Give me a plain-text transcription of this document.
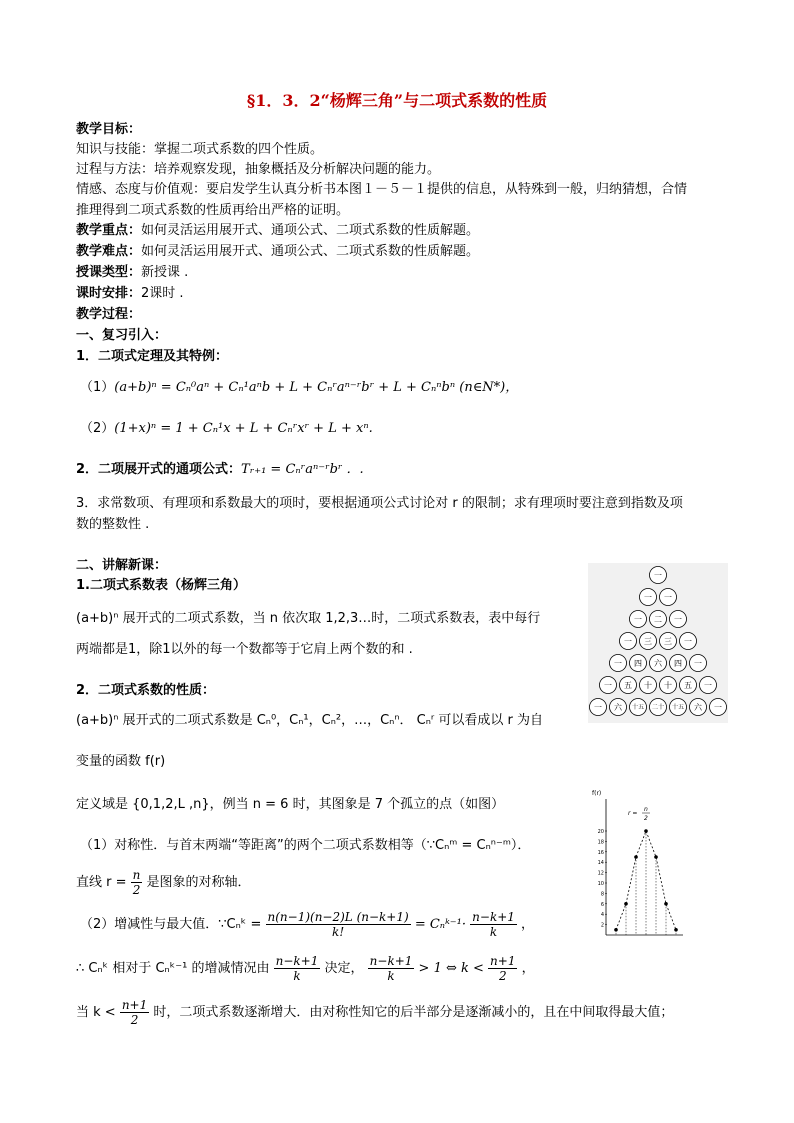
§1．3．2“杨辉三角”与二项式系数的性质
教学目标：
知识与技能：掌握二项式系数的四个性质。
过程与方法：培养观察发现，抽象概括及分析解决问题的能力。
情感、态度与价值观：要启发学生认真分析书本图１－５－１提供的信息，从特殊到一般，归纳猜想，合情
推理得到二项式系数的性质再给出严格的证明。
教学重点：如何灵活运用展开式、通项公式、二项式系数的性质解题。
教学难点：如何灵活运用展开式、通项公式、二项式系数的性质解题。
授课类型：新授课 .
课时安排：2课时 .
教学过程：
一、复习引入：
1．二项式定理及其特例：
（1）(a+b)ⁿ = Cₙ⁰aⁿ + Cₙ¹aⁿb + L + Cₙʳaⁿ⁻ʳbʳ + L + Cₙⁿbⁿ (n∈N*)，
（2）(1+x)ⁿ = 1 + Cₙ¹x + L + Cₙʳxʳ + L + xⁿ.
2．二项展开式的通项公式：Tᵣ₊₁ = Cₙʳaⁿ⁻ʳbʳ ．.
3．求常数项、有理项和系数最大的项时，要根据通项公式讨论对 r 的限制；求有理项时要注意到指数及项
数的整数性 .
二、讲解新课：
1.二项式系数表（杨辉三角）
(a+b)ⁿ 展开式的二项式系数，当 n 依次取 1,2,3…时，二项式系数表，表中每行
两端都是1，除1以外的每一个数都等于它肩上两个数的和 .
2．二项式系数的性质：
(a+b)ⁿ 展开式的二项式系数是 Cₙ⁰，Cₙ¹，Cₙ²，…，Cₙⁿ． Cₙʳ 可以看成以 r 为自
变量的函数 f(r)
定义域是 {0,1,2,L ,n}，例当 n = 6 时，其图象是 7 个孤立的点（如图）
（1）对称性．与首末两端“等距离”的两个二项式系数相等（∵Cₙᵐ = Cₙⁿ⁻ᵐ）．
直线 $r = \frac{n}{2}$ 是图象的对称轴．
（2）增减性与最大值．∵Cₙᵏ = $\frac{n(n-1)(n-2)L (n-k+1)}{k!}$ = Cₙᵏ⁻¹· $\frac{n-k+1}{k}$ ，
∴ Cₙᵏ 相对于 Cₙᵏ⁻¹ 的增减情况由 $\frac{n-k+1}{k}$ 决定， $\frac{n-k+1}{k} > 1$ ⇔ $k < \frac{n+1}{2}$ ，
当 $k < \frac{n+1}{2}$ 时，二项式系数逐渐增大．由对称性知它的后半部分是逐渐减小的，且在中间取得最大值；
一
一 一
一 二 一
一 三 三 一
一 四 六 四 一
一 五 十 十 五 一
一 六 十五 二十 十五 六 一
f(r)
r =
n
2
20
18
16
14
12
10
8
6
4
2
